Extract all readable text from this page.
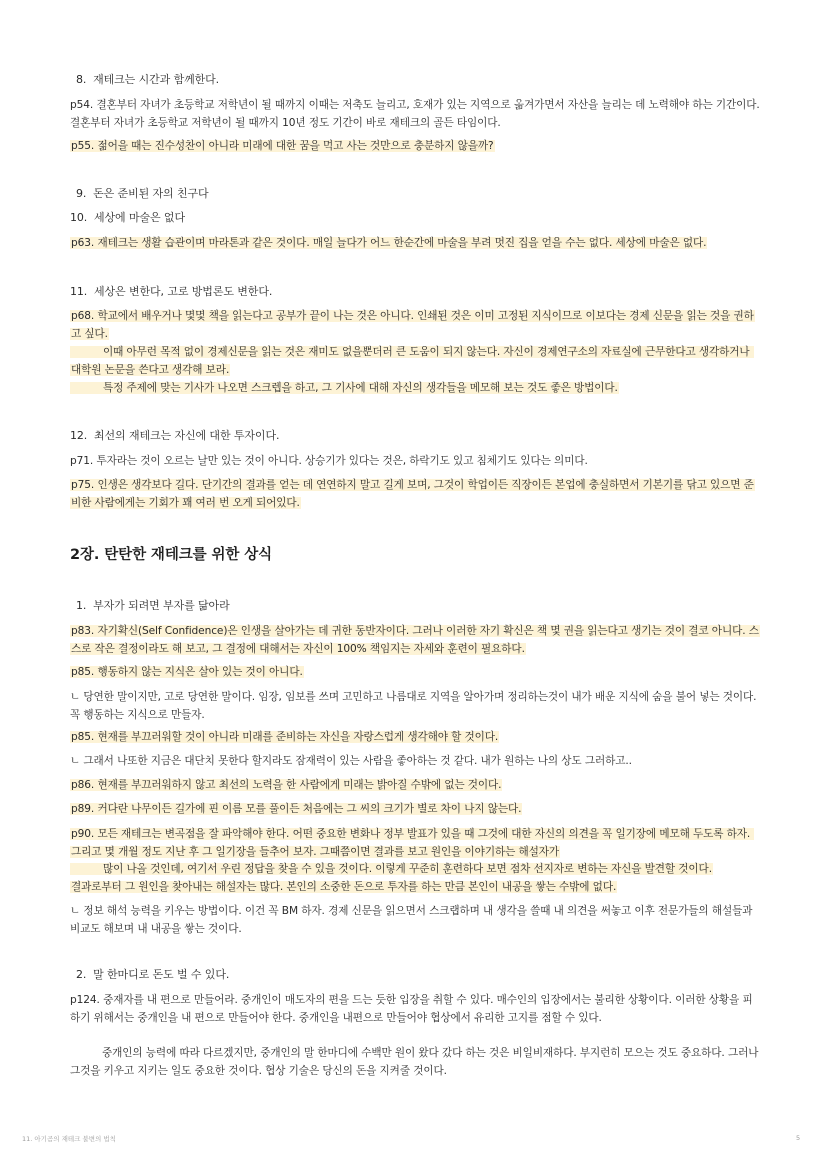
8.  재테크는 시간과 함께한다.
p54. 결혼부터 자녀가 초등학교 저학년이 될 때까지 이때는 저축도 늘리고, 호재가 있는 지역으로 옮겨가면서 자산을 늘리는 데 노력해야 하는 기간이다. 결혼부터 자녀가 초등학교 저학년이 될 때까지 10년 정도 기간이 바로 재테크의 골든 타임이다.
p55. 젊어을 때는 진수성찬이 아니라 미래에 대한 꿈을 먹고 사는 것만으로 충분하지 않을까?
9.  돈은 준비된 자의 친구다
10.  세상에 마술은 없다
p63. 재테크는 생활 습관이며 마라톤과 같은 것이다. 매일 늘다가 어느 한순간에 마술을 부려 멋진 집을 얻을 수는 없다. 세상에 마술은 없다.
11.  세상은 변한다, 고로 방법론도 변한다.
p68. 학교에서 배우거나 몇몇 책을 읽는다고 공부가 끝이 나는 것은 아니다. 인쇄된 것은 이미 고정된 지식이므로 이보다는 경제 신문을 읽는 것을 권하고 싶다.
이때 아무런 목적 없이 경제신문을 읽는 것은 재미도 없을뿐더러 큰 도움이 되지 않는다. 자신이 경제연구소의 자료실에 근무한다고 생각하거나 대학원 논문을 쓴다고 생각해 보라.
특정 주제에 맞는 기사가 나오면 스크렙을 하고, 그 기사에 대해 자신의 생각들을 메모해 보는 것도 좋은 방법이다.
12.  최선의 재테크는 자신에 대한 투자이다.
p71. 투자라는 것이 오르는 날만 있는 것이 아니다. 상승기가 있다는 것은, 하락기도 있고 침체기도 있다는 의미다.
p75. 인생은 생각보다 길다. 단기간의 결과를 얻는 데 연연하지 말고 길게 보며, 그것이 학업이든 직장이든 본업에 충실하면서 기본기를 닦고 있으면 준비한 사람에게는 기회가 꽤 여러 번 오게 되어있다.
2장. 탄탄한 재테크를 위한 상식
1.  부자가 되려면 부자를 닮아라
p83. 자기확신(Self Confidence)은 인생을 살아가는 데 귀한 동반자이다. 그러나 이러한 자기 확신은 책 몇 권을 읽는다고 생기는 것이 결코 아니다. 스스로 작은 결정이라도 해 보고, 그 결정에 대해서는 자신이 100% 책임지는 자세와 훈련이 필요하다.
p85. 행동하지 않는 지식은 살아 있는 것이 아니다.
ㄴ 당연한 말이지만, 고로 당연한 말이다. 임장, 임보를 쓰며 고민하고 나름대로 지역을 알아가며 정리하는것이 내가 배운 지식에 숨을 불어 넣는 것이다. 꼭 행동하는 지식으로 만들자.
p85. 현재를 부끄러워할 것이 아니라 미래를 준비하는 자신을 자랑스럽게 생각해야 할 것이다.
ㄴ 그래서 나또한 지금은 대단치 못한다 할지라도 잠재력이 있는 사람을 좋아하는 것 같다. 내가 원하는 나의 상도 그러하고..
p86. 현재를 부끄러워하지 않고 최선의 노력을 한 사람에게 미래는 밝아질 수밖에 없는 것이다.
p89. 커다란 나무이든 길가에 핀 이름 모를 풀이든 처음에는 그 씨의 크기가 별로 차이 나지 않는다.
p90. 모든 재테크는 변곡점을 잘 파악해야 한다. 어떤 중요한 변화나 정부 발표가 있을 때 그것에 대한 자신의 의견을 꼭 일기장에 메모해 두도록 하자. 그리고 몇 개월 정도 지난 후 그 일기장을 들추어 보자. 그때쯤이면 결과를 보고 원인을 이야기하는 해설자가
많이 나올 것인데, 여기서 우린 정답을 찾을 수 있을 것이다. 이렇게 꾸준히 훈련하다 보면 점차 선지자로 변하는 자신을 발견할 것이다.
결과로부터 그 원인을 찾아내는 해설자는 많다. 본인의 소중한 돈으로 투자를 하는 만큼 본인이 내공을 쌓는 수밖에 없다.
ㄴ 정보 해석 능력을 키우는 방법이다. 이건 꼭 BM 하자. 경제 신문을 읽으면서 스크랩하며 내 생각을 쓸때 내 의견을 써놓고 이후 전문가들의 해설들과 비교도 해보며 내 내공을 쌓는 것이다.
2.  말 한마디로 돈도 벌 수 있다.
p124. 중재자를 내 편으로 만들어라. 중개인이 매도자의 편을 드는 듯한 입장을 취할 수 있다. 매수인의 입장에서는 불리한 상황이다. 이러한 상황을 피하기 위해서는 중개인을 내 편으로 만들어야 한다. 중개인을 내편으로 만들어야 협상에서 유리한 고지를 점할 수 있다.
중개인의 능력에 따라 다르겠지만, 중개인의 말 한마디에 수백만 원이 왔다 갔다 하는 것은 비일비재하다. 부지런히 모으는 것도 중요하다. 그러나 그것을 키우고 지키는 일도 중요한 것이다. 협상 기술은 당신의 돈을 지켜줄 것이다.
11. 아기곰의 재테크 불변의 법칙	5
